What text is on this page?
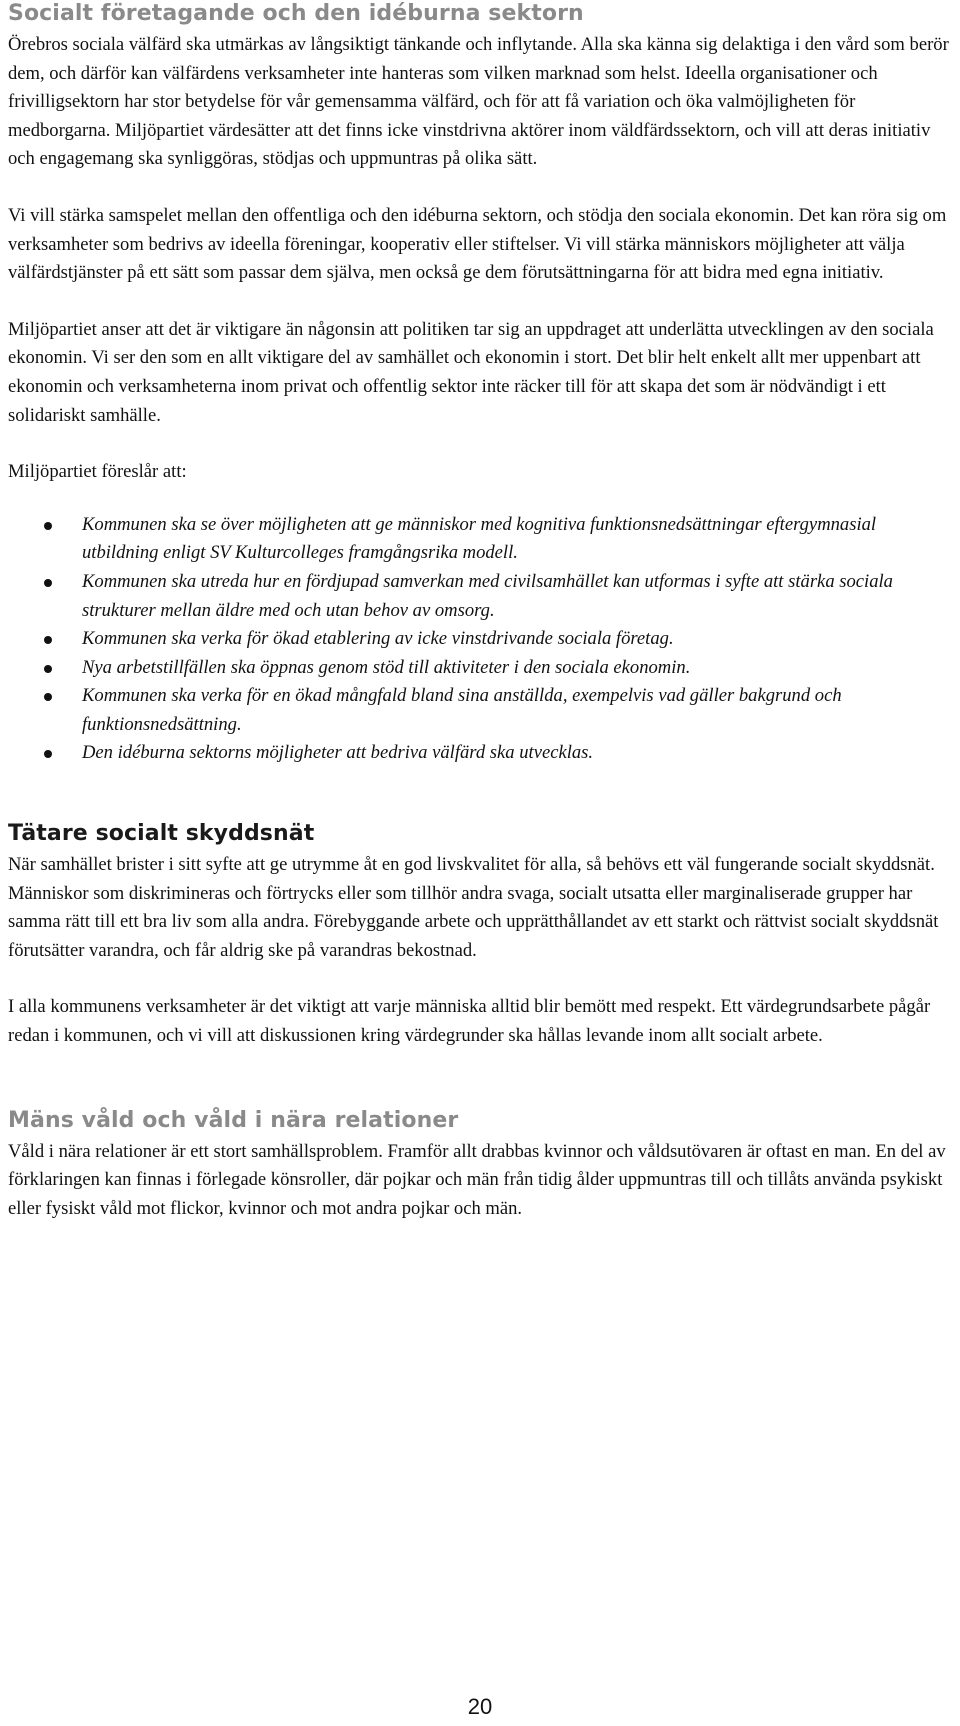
Socialt företagande och den idéburna sektorn

Örebros sociala välfärd ska utmärkas av långsiktigt tänkande och inflytande. Alla ska känna sig delaktiga i den vård som berör dem, och därför kan välfärdens verksamheter inte hanteras som vilken marknad som helst. Ideella organisationer och frivilligsektorn har stor betydelse för vår gemensamma välfärd, och för att få variation och öka valmöjligheten för medborgarna. Miljöpartiet värdesätter att det finns icke vinstdrivna aktörer inom väldfärdssektorn, och vill att deras initiativ och engagemang ska synliggöras, stödjas och uppmuntras på olika sätt.

Vi vill stärka samspelet mellan den offentliga och den idéburna sektorn, och stödja den sociala ekonomin. Det kan röra sig om verksamheter som bedrivs av ideella föreningar, kooperativ eller stiftelser. Vi vill stärka människors möjligheter att välja välfärdstjänster på ett sätt som passar dem själva, men också ge dem förutsättningarna för att bidra med egna initiativ.

Miljöpartiet anser att det är viktigare än någonsin att politiken tar sig an uppdraget att underlätta utvecklingen av den sociala ekonomin. Vi ser den som en allt viktigare del av samhället och ekonomin i stort. Det blir helt enkelt allt mer uppenbart att ekonomin och verksamheterna inom privat och offentlig sektor inte räcker till för att skapa det som är nödvändigt i ett solidariskt samhälle.

Miljöpartiet föreslår att:

Kommunen ska se över möjligheten att ge människor med kognitiva funktionsnedsättningar eftergymnasial utbildning enligt SV Kulturcolleges framgångsrika modell.
Kommunen ska utreda hur en fördjupad samverkan med civilsamhället kan utformas i syfte att stärka sociala strukturer mellan äldre med och utan behov av omsorg.
Kommunen ska verka för ökad etablering av icke vinstdrivande sociala företag.
Nya arbetstillfällen ska öppnas genom stöd till aktiviteter i den sociala ekonomin.
Kommunen ska verka för en ökad mångfald bland sina anställda, exempelvis vad gäller bakgrund och funktionsnedsättning.
Den idéburna sektorns möjligheter att bedriva välfärd ska utvecklas.
Tätare socialt skyddsnät

När samhället brister i sitt syfte att ge utrymme åt en god livskvalitet för alla, så behövs ett väl fungerande socialt skyddsnät. Människor som diskrimineras och förtrycks eller som tillhör andra svaga, socialt utsatta eller marginaliserade grupper har samma rätt till ett bra liv som alla andra. Förebyggande arbete och upprätthållandet av ett starkt och rättvist socialt skyddsnät förutsätter varandra, och får aldrig ske på varandras bekostnad.

I alla kommunens verksamheter är det viktigt att varje människa alltid blir bemött med respekt. Ett värdegrundsarbete pågår redan i kommunen, och vi vill att diskussionen kring värdegrunder ska hållas levande inom allt socialt arbete.

Mäns våld och våld i nära relationer

Våld i nära relationer är ett stort samhällsproblem. Framför allt drabbas kvinnor och våldsutövaren är oftast en man. En del av förklaringen kan finnas i förlegade könsroller, där pojkar och män från tidig ålder uppmuntras till och tillåts använda psykiskt eller fysiskt våld mot flickor, kvinnor och mot andra pojkar och män.

20
